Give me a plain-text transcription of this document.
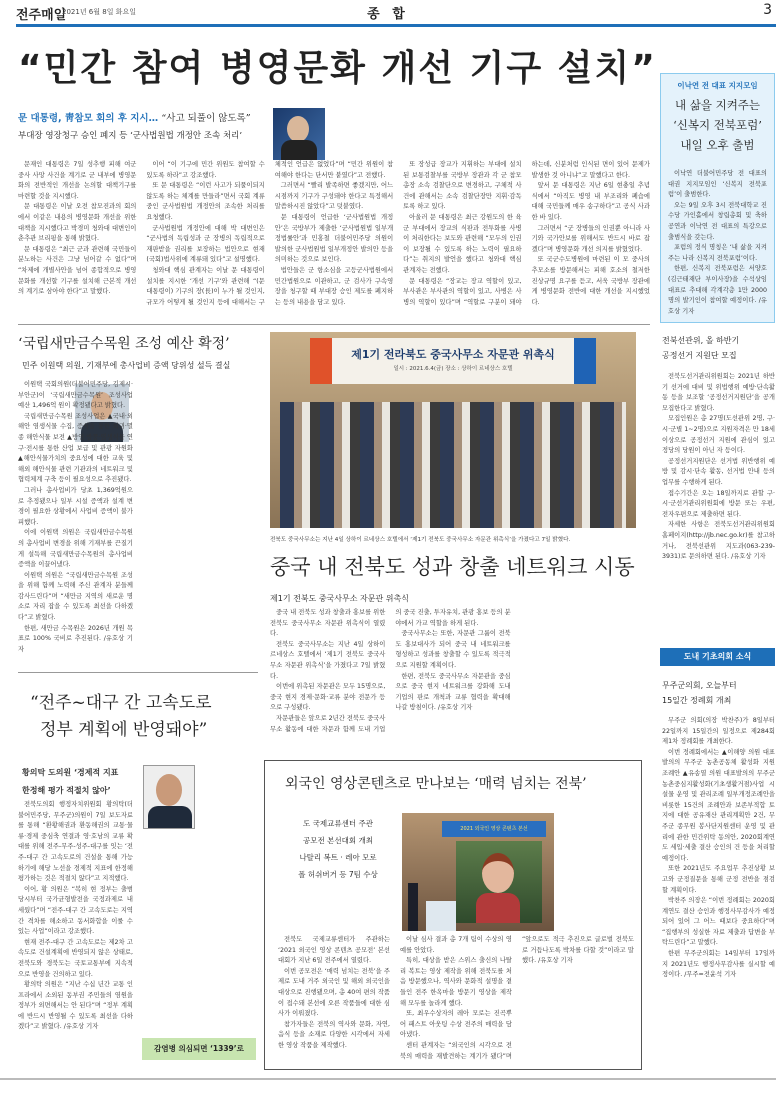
전주매일
2021년 6월 8일 화요일	종 합	3
“민간 참여 병영문화 개선 기구 설치”
문 대통령, 靑참모 회의 후 지시… “사고 되풀이 않도록”
부대장 영장청구 승인 폐지 등 ‘군사법원법 개정안 조속 처리’

문재인 대통령은 7일 성추행 피해 여군 중사 사망 사건을 계기로 군 내부에 병영문화의 전반적인 개선을 논의할 대책기구를 마련할 것을 지시했다.

문 대통령은 이날 오전 참모진과의 회의에서 이같은 내용의 병영문화 개선을 위한 대책을 지시했다고 박경미 청와대 대변인이 춘추관 브리핑을 통해 밝혔다.

문 대통령은 “최근 군과 관련해 국민들이 분노하는 사건은 그냥 넘어갈 수 없다”며 “차제에 개별사안을 넘어 종합적으로 병영문화를 개선할 기구를 설치해 근본적 개선의 계기로 삼아야 한다”고 말했다.

이어 “이 기구에 민간 위원도 참여할 수 있도록 하라”고 강조했다.

또 문 대통령은 “이런 사고가 되풀이되지 않도록 하는 체계를 만들라”면서 국회 계류 중인 군사법원법 개정안의 조속한 처리를 요청했다.

군사법원법 개정안에 대해 박 대변인은 “군사법의 독립성과 군 장병의 독립적으로 재판받을 권리를 보장하는 법안으로 현재 (국회)법사위에 계류돼 있다”고 설명했다.

청와대 핵심 관계자는 이날 문 대통령이 설치를 지시한 ‘개선 기구’와 관련해 “(문 대통령이) 기구의 장(長)이 누가 될 것인지, 규모가 어떻게 될 것인지 등에 대해서는 구체적인 언급은 없었다”며 “민간 위원이 참여해야 한다는 단서만 붙였다”고 전했다.

그러면서 “빨리 발족하면 좋겠지만, 어느 시점까지 기구가 구성돼야 한다고 특정해서 말씀하시진 않았다”고 덧붙였다.

문 대통령이 언급한 ‘군사법원법 개정안’은 국방부가 제출한 ‘군사법원법 일부개정법률안’과 민홍철 더불어민주당 의원이 발의한 군사법원법 일부개정안 발의안 등을 의미하는 것으로 보인다.

법안들은 군 항소심을 고등군사법원에서 민간법원으로 이관하고, 군 검사가 구속영장을 청구할 때 부대장 승인 제도를 폐지하는 등의 내용을 담고 있다.

또 장성급 장교가 지휘하는 부대에 설치된 보통검찰부를 국방부 장관과 각 군 참모총장 소속 검찰단으로 변경하고, 구체적 사건에 관해서는 소속 검찰단장만 지휘·감독토록 하고 있다.

아울러 문 대통령은 최근 강원도의 한 육군 부대에서 장교의 식판과 전투화를 사병이 처리한다는 보도와 관련해 “모두의 인권이 보장될 수 있도록 하는 노력이 필요하다”는 취지의 발언을 했다고 청와대 핵심 관계자는 전했다.

문 대통령은 “장교는 장교 역할이 있고, 부사관은 부사관의 역할이 있고, 사병은 사병의 역할이 있다”며 “역할로 구분이 돼야 하는데, 신분처럼 인식된 면이 있어 문제가 발생한 것 아니냐”고 말했다고 한다.

앞서 문 대통령은 지난 6일 현충일 추념식에서 “아직도 병영 내 부조리와 폐습에 대해 국민들께 매우 송구하다”고 공식 사과한 바 있다.

그러면서 “군 장병들의 인권뿐 아니라 사기와 국가안보를 위해서도 반드시 바로 잡겠다”며 병영문화 개선 의지를 밝혔었다.

또 국군수도병원에 마련된 이 모 중사의 추모소를 방문해서는 피해 호소의 철저한 진상규명 요구를 듣고, 서욱 국방부 장관에게 병영문화 전반에 대한 개선을 지시했었다.

이낙연 전 대표 지지모임
내 삶을 지켜주는
‘신복지 전북포럼’
내일 오후 출범

이낙연 더불어민주당 전 대표의 대권 지지모임인 ‘신복지 전북포럼’이 출범한다.

오는 9일 오후 3시 전북대학교 진수당 가인홀에서 창립총회 및 축하공연과 이낙연 전 대표의 특강으로 출범식을 갖는다.

포럼의 정식 명칭은 ‘내 삶을 지켜주는 나라 신복지 전북포럼’이다.

한편, 신복지 전북포럼은 서양호(김근태재단 부이사장)을 수석상임대표로 추대해 각계각층 1만 2000명의 발기인이 참여할 예정이다. /유호상 기자

‘국립새만금수목원 조성 예산 확정’
민주 이원택 의원, 기재부에 총사업비 증액 당위성 설득 결실

이원택 국회의원(더불어민주당, 김제시·부안군)이 ‘국립새만금수목원’ 조성사업 예산 1,496억 원이 확정됐다고 밝혔다.

국립새만금수목원 조성사업은 ▲국내·외 해안 염생식물 수집, 증식을 통한 희귀·멸종 해안식물 보전 ▲방염·방풍·염생식물 연구·전시를 통한 산업 보급 및 관광 자원화 ▲해안식물가치의 중요성에 대한 교육 및 해외 해안식물 관련 기관과의 네트워크 및 협력체계 구축 등이 필요성으로 추진됐다.

그러나 총사업비가 당초 1,369억원으로 추정됐으나 일부 시설 증액과 설계 변경이 필요한 상황에서 사업비 증액이 불가피했다.

이에 이원택 의원은 국립새만금수목원의 총사업비 변경을 위해 기재부를 끈질기게 설득해 국립새만금수목원의 총사업비 증액을 이끌어냈다.

이원택 의원은 “국립새만금수목원 조성을 위해 함께 노력해 주신 관계자 분들께 감사드린다”며 “새만금 지역의 새로운 명소로 자리 잡을 수 있도록 최선을 다하겠다”고 밝혔다.

한편, 새만금 수목원은 2026년 개원 목표로 100% 국비로 추진된다. /유호상 기자

제1기 전라북도 중국사무소 자문관 위촉식
일시 : 2021.6.4(금) 장소 : 상하이 르네상스 호텔
전북도 중국사무소는 지난 4일 상하이 르네상스 호텔에서 ‘제1기 전북도 중국사무소 자문관 위촉식’을 가졌다고 7일 밝혔다.
중국 내 전북도 성과 창출 네트워크 시동
제1기 전북도 중국사무소 자문관 위촉식

중국 내 전북도 성과 창출과 홍보를 위한 전북도 중국사무소 자문관 위촉식이 열렸다.

전북도 중국사무소는 지난 4일 상하이 르네상스 호텔에서 ‘제1기 전북도 중국사무소 자문관 위촉식’을 가졌다고 7일 밝혔다.

이번에 위촉된 자문관은 모두 15명으로, 중국 현지 경제·문화·교류 분야 전문가 등으로 구성됐다.

자문관들은 앞으로 2년간 전북도 중국사무소 활동에 대한 자문과 함께 도내 기업의 중국 진출, 투자유치, 관광 홍보 등의 분야에서 가교 역할을 하게 된다.

중국사무소는 또한, 자문관 그룹이 전북도 홍보대사가 되어 중국 내 네트워크를 형성하고 성과를 창출할 수 있도록 적극적으로 지원할 계획이다.

한편, 전북도 중국사무소 자문관을 중심으로 중국 현지 네트워크를 강화해 도내 기업의 판로 개척과 교류 협력을 확대해 나갈 방침이다. /유호상 기자

전북선관위, 올 하반기
공정선거 지원단 모집

전북도선거관리위원회는 2021년 하반기 선거에 대비 및 위법행위 예방·단속활동 등을 보조할 ‘공정선거지원단’을 공개모집한다고 밝혔다.

모집인원은 총 27명(도선관위 2명, 구·시·군별 1~2명)으로 지원자격은 만 18세 이상으로 공정선거 지원에 관심이 있고 정당의 당원이 아닌 자 등이다.

공정선거지원단은 선거법 위반행위 예방 및 감시·단속 활동, 선거법 안내 등의 업무를 수행하게 된다.

접수기간은 오는 18일까지로 관할 구·시·군선거관리위원회에 방문 또는 우편, 전자우편으로 제출하면 된다.

자세한 사항은 전북도선거관리위원회 홈페이지(http://jb.nec.go.kr)를 참고하거나, 전북선관위 지도과(063-239-3931)로 문의하면 된다. /유호상 기자

도내 기초의회 소식
무주군의회, 오늘부터
15일간 정례회 개최

무주군 의회(의장 박찬주)가 8일부터 22일까지 15일간의 일정으로 제284회 제1차 정례회를 개최한다.

이번 정례회에서는 ▲이해양 의원 대표발의의 무주군 농촌공동체 활성화 지원 조례안 ▲유송열 의원 대표발의의 무주군 농촌중심지활성화(기초생활거점)사업 시설물 운영 및 관리조례 일부개정조례안을 비롯한 15건의 조례안과 보존부적합 토지에 대한 공유재산 관리계획안 2건, 무주군 종무원 봉사단지원센터 운영 및 관리에 관한 민간위탁 동의안, 2020회계연도 세입·세출 결산 승인의 건 등을 처리할 예정이다.

또한 2021년도 주요업무 추진상황 보고와 군정질문을 통해 군정 전반을 점검할 계획이다.

박찬주 의장은 “이번 정례회는 2020회계연도 결산 승인과 행정사무감사가 예정되어 있어 그 어느 때보다 중요하다”며 “집행부의 성실한 자료 제출과 답변을 부탁드린다”고 말했다.

한편 무주군의회는 14일부터 17일까지 2021년도 행정사무감사를 실시할 예정이다. /무주=전윤석 기자

“전주~대구 간 고속도로
정부 계획에 반영돼야”
황의탁 도의원 ‘경제적 지표
한정해 평가 적절치 않아’

전북도의회 행정자치위원회 황의탁(더불어민주당, 무주군)의원이 7일 보도자료를 통해 “환황해권과 환동해권의 교통·물류·경제 중심축 연결과 영·호남의 교류 확대를 위해 전주-무주-성주-대구를 잇는 ‘전주-대구 간 고속도로의 건설을 통해 가능하기에 해당 노선을 경제적 지표에 한정해 평가하는 것은 적절치 않다”고 지적했다.

이어, 황 의원은 “복히 현 정부는 출범 당시부터 국가균형발전을 국정과제로 내세웠다”며 “전주-대구 간 고속도로는 지역 간 격차를 해소하고 동서화합을 이룰 수 있는 사업”이라고 강조했다.

현재 전주-대구 간 고속도로는 제2차 고속도로 건설계획에 반영되지 않은 상태로, 전북도와 경북도는 국토교통부에 지속적으로 반영을 건의하고 있다.

황의탁 의원은 “지난 수십 년간 교통 인프라에서 소외된 동부권 주민들의 염원을 정부가 외면해서는 안 된다”며 “정부 계획에 반드시 반영될 수 있도록 최선을 다하겠다”고 밝혔다. /유호상 기자

감염병 의심되면 ‘1339’로
외국인 영상콘텐츠로 만나보는 ‘매력 넘치는 전북’
도 국제교류센터 주관
공모전 본선대회 개최
나탈리 복트 · 레아 모로
폴 허쉬버거 등 7팀 수상
2021 외국인 영상 콘텐츠 본선

전북도 국제교류센터가 주관하는 ‘2021 외국인 영상 콘텐츠 공모전’ 본선대회가 지난 6일 전주에서 열렸다.

이번 공모전은 ‘매력 넘치는 전북’을 주제로 도내 거주 외국인 및 해외 외국인을 대상으로 진행됐으며, 총 40여 편의 작품이 접수돼 본선에 오른 작품들에 대한 심사가 이뤄졌다.

참가자들은 전북의 역사와 문화, 자연, 음식 등을 소재로 다양한 시각에서 자세한 영상 작품을 제작했다.

이날 심사 결과 총 7개 팀이 수상의 영예를 안았다.

특히, 대상을 받은 스위스 출신의 나탈리 복트는 영상 제작을 위해 전북도를 처음 방문했으나, 역사와 문화적 설명을 곁들인 전주 한옥마을 방문기 영상을 제작해 모두를 놀라게 했다.

또, 최우수상자의 레아 모로는 진곡뿌어 패스트 아웃팅 수상 전주의 매력을 담아냈다.

센터 관계자는 “외국인의 시각으로 전북의 매력을 재발견하는 계기가 됐다”며 “앞으로도 적극 추진으로 글로벌 전북도로 거듭나도록 박차를 다할 것”이라고 말했다. /유호상 기자
